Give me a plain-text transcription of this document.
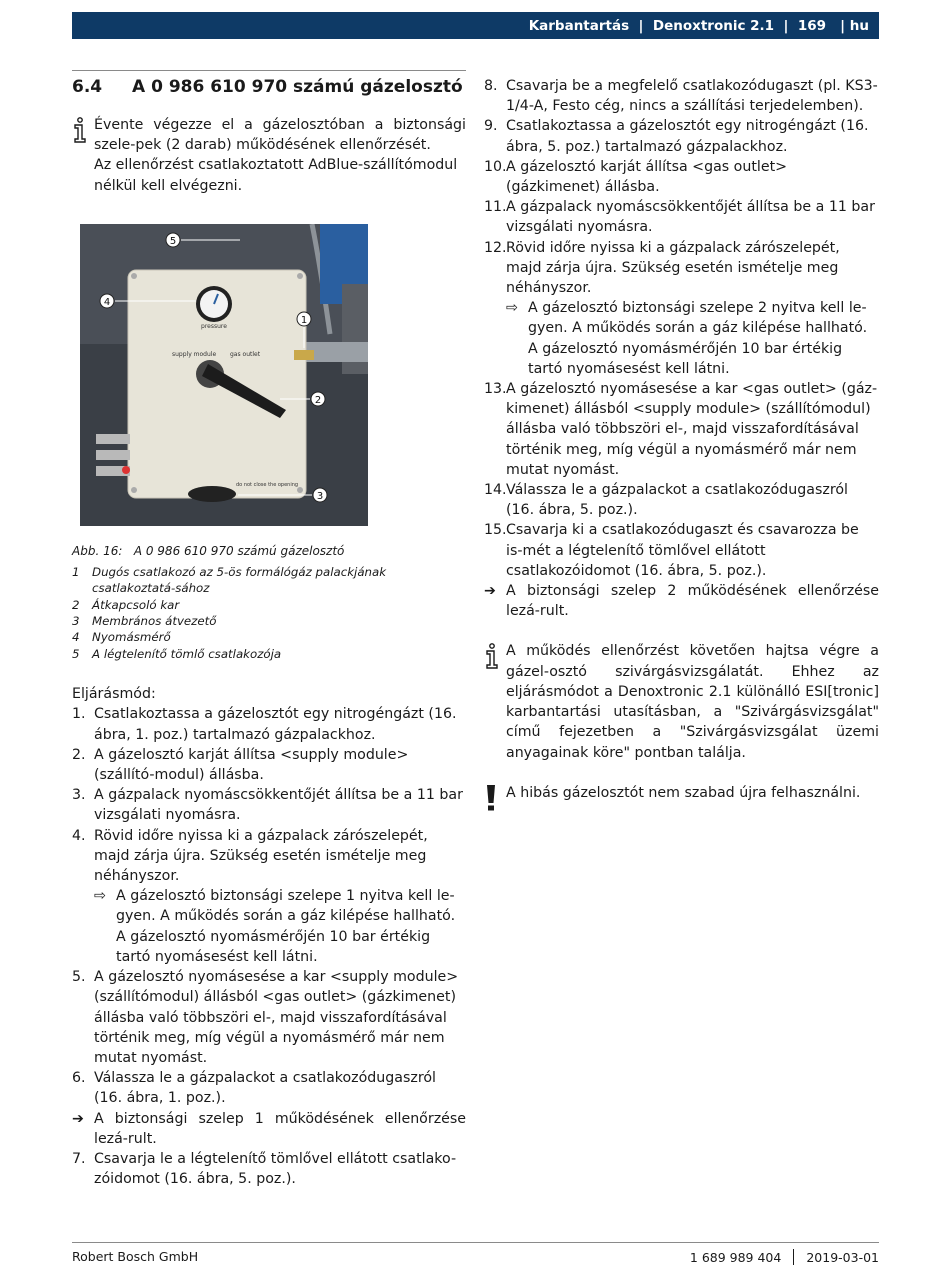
Karbantartás | Denoxtronic 2.1 | 169	| hu
6.4	A 0 986 610 970 számú gázelosztó

Évente végezze el a gázelosztóban a biztonsági szele-pek (2 darab) működésének ellenőrzését.

Az ellenőrzést csatlakoztatott AdBlue-szállítómodul nélkül kell elvégezni.

pressure
supply module gas outlet
do not close the opening
5
4
1
2
3
Abb. 16:   A 0 986 610 970 számú gázelosztó
1	Dugós csatlakozó az 5-ös formálógáz palackjának csatlakoztatá-sához
2	Átkapcsoló kar
3	Membrános átvezető
4	Nyomásmérő
5	A légtelenítő tömlő csatlakozója

Eljárásmód:

1. Csatlakoztassa a gázelosztót egy nitrogéngázt (16. ábra, 1. poz.) tartalmazó gázpalackhoz.
2. A gázelosztó karját állítsa <supply module> (szállító-modul) állásba.
3. A gázpalack nyomáscsökkentőjét állítsa be a 11 bar vizsgálati nyomásra.
4. Rövid időre nyissa ki a gázpalack zárószelepét, majd zárja újra. Szükség esetén ismételje meg néhányszor.
⇨ A gázelosztó biztonsági szelepe 1 nyitva kell le-gyen. A működés során a gáz kilépése hallható. A gázelosztó nyomásmérőjén 10 bar értékig tartó nyomásesést kell látni.
5. A gázelosztó nyomásesése a kar <supply module> (szállítómodul) állásból <gas outlet> (gázkimenet) állásba való többszöri el-, majd visszafordításával történik meg, míg végül a nyomásmérő már nem mutat nyomást.
6. Válassza le a gázpalackot a csatlakozódugaszról (16. ábra, 1. poz.).
➔ A biztonsági szelep 1 működésének ellenőrzése lezá-rult.
7. Csavarja le a légtelenítő tömlővel ellátott csatlako-zóidomot (16. ábra, 5. poz.).
8. Csavarja be a megfelelő csatlakozódugaszt (pl. KS3-1/4-A, Festo cég, nincs a szállítási terjedelemben).
9. Csatlakoztassa a gázelosztót egy nitrogéngázt (16. ábra, 5. poz.) tartalmazó gázpalackhoz.
10. A gázelosztó karját állítsa <gas outlet> (gázkimenet) állásba.
11. A gázpalack nyomáscsökkentőjét állítsa be a 11 bar vizsgálati nyomásra.
12. Rövid időre nyissa ki a gázpalack zárószelepét, majd zárja újra. Szükség esetén ismételje meg néhányszor.
⇨ A gázelosztó biztonsági szelepe 2 nyitva kell le-gyen. A működés során a gáz kilépése hallható. A gázelosztó nyomásmérőjén 10 bar értékig tartó nyomásesést kell látni.
13. A gázelosztó nyomásesése a kar <gas outlet> (gáz-kimenet) állásból <supply module> (szállítómodul) állásba való többszöri el-, majd visszafordításával történik meg, míg végül a nyomásmérő már nem mutat nyomást.
14. Válassza le a gázpalackot a csatlakozódugaszról (16. ábra, 5. poz.).
15. Csavarja ki a csatlakozódugaszt és csavarozza be is-mét a légtelenítő tömlővel ellátott csatlakozóidomot (16. ábra, 5. poz.).
➔ A biztonsági szelep 2 működésének ellenőrzése lezá-rult.
A működés ellenőrzést követően hajtsa végre a gázel-osztó szivárgásvizsgálatát. Ehhez az eljárásmódot a Denoxtronic 2.1 különálló ESI[tronic] karbantartási utasításban, a "Szivárgásvizsgálat" című fejezetben a "Szivárgásvizsgálat üzemi anyagainak köre" pontban találja.
A hibás gázelosztót nem szabad újra felhasználni.
Robert Bosch GmbH	1 689 989 404 2019-03-01
